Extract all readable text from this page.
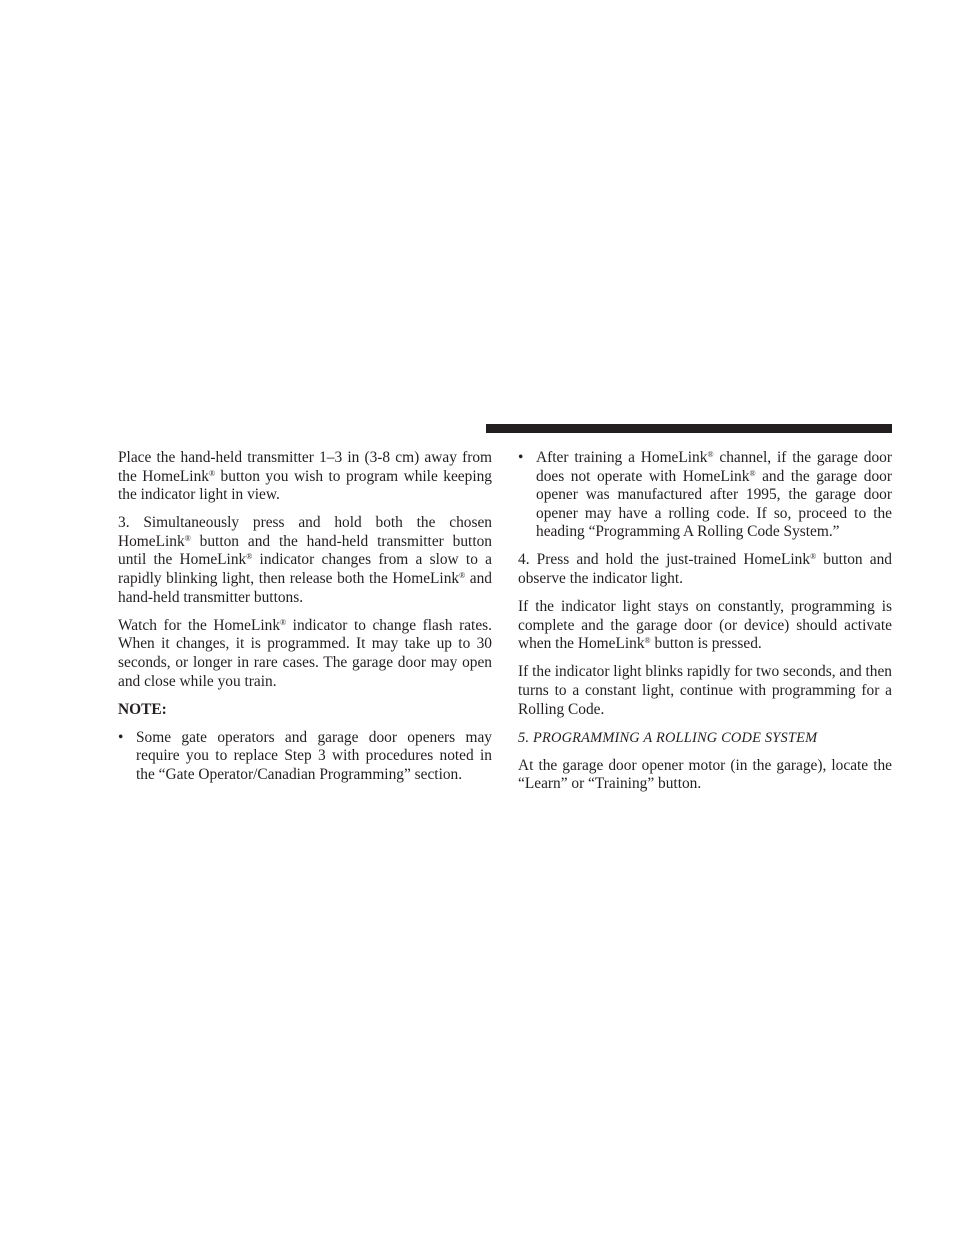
Place the hand-held transmitter 1–3 in (3-8 cm) away from the HomeLink® button you wish to program while keeping the indicator light in view.

3. Simultaneously press and hold both the chosen HomeLink® button and the hand-held transmitter button until the HomeLink® indicator changes from a slow to a rapidly blinking light, then release both the HomeLink® and hand-held transmitter buttons.

Watch for the HomeLink® indicator to change flash rates. When it changes, it is programmed. It may take up to 30 seconds, or longer in rare cases. The garage door may open and close while you train.

NOTE:

• Some gate operators and garage door openers may require you to replace Step 3 with procedures noted in the “Gate Operator/Canadian Programming” section.
• After training a HomeLink® channel, if the garage door does not operate with HomeLink® and the garage door opener was manufactured after 1995, the garage door opener may have a rolling code. If so, proceed to the heading “Programming A Rolling Code System.”

4. Press and hold the just-trained HomeLink® button and observe the indicator light.

If the indicator light stays on constantly, programming is complete and the garage door (or device) should activate when the HomeLink® button is pressed.

If the indicator light blinks rapidly for two seconds, and then turns to a constant light, continue with programming for a Rolling Code.

5. PROGRAMMING A ROLLING CODE SYSTEM

At the garage door opener motor (in the garage), locate the “Learn” or “Training” button.
